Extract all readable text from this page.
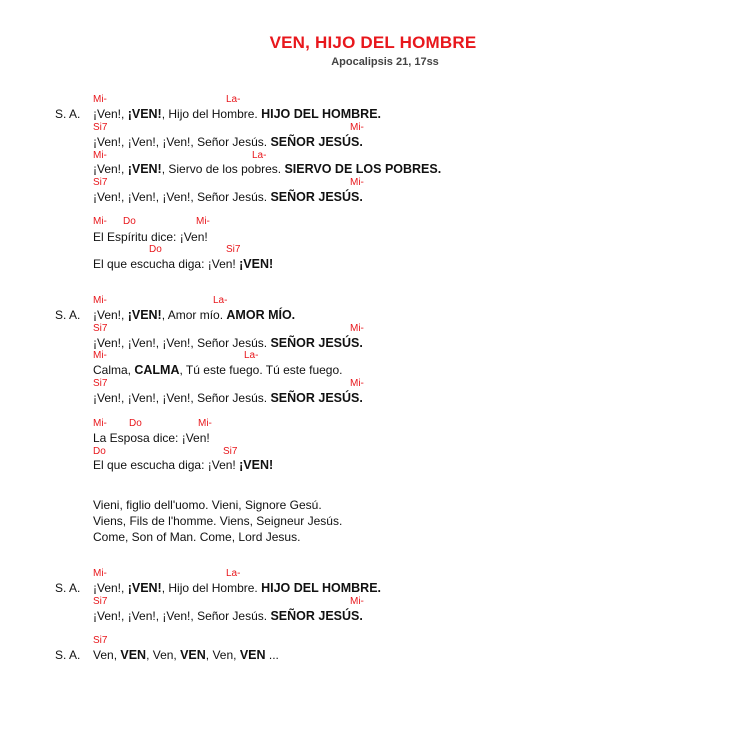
VEN, HIJO DEL HOMBRE
Apocalipsis 21, 17ss
Mi-	La-
S. A. ¡Ven!, ¡VEN!, Hijo del Hombre. HIJO DEL HOMBRE.
Si7	Mi-
¡Ven!, ¡Ven!, ¡Ven!, Señor Jesús. SEÑOR JESÚS.
Mi-	La-
¡Ven!, ¡VEN!, Siervo de los pobres. SIERVO DE LOS POBRES.
Si7	Mi-
¡Ven!, ¡Ven!, ¡Ven!, Señor Jesús. SEÑOR JESÚS.
Mi- Do	Mi-
El Espíritu dice: ¡Ven!
Do	Si7
El que escucha diga: ¡Ven! ¡VEN!
Mi-	La-
S. A. ¡Ven!, ¡VEN!, Amor mío. AMOR MÍO.
Si7	Mi-
¡Ven!, ¡Ven!, ¡Ven!, Señor Jesús. SEÑOR JESÚS.
Mi-	La-
Calma, CALMA, Tú este fuego. Tú este fuego.
Si7	Mi-
¡Ven!, ¡Ven!, ¡Ven!, Señor Jesús. SEÑOR JESÚS.
Mi- Do	Mi-
La Esposa dice: ¡Ven!
Do	Si7
El que escucha diga: ¡Ven! ¡VEN!
Vieni, figlio dell'uomo. Vieni, Signore Gesú.
Viens, Fils de l'homme. Viens, Seigneur Jesús.
Come, Son of Man. Come, Lord Jesus.
Mi-	La-
S. A. ¡Ven!, ¡VEN!, Hijo del Hombre. HIJO DEL HOMBRE.
Si7	Mi-
¡Ven!, ¡Ven!, ¡Ven!, Señor Jesús. SEÑOR JESÚS.
Si7
S. A. Ven, VEN, Ven, VEN, Ven, VEN ...
